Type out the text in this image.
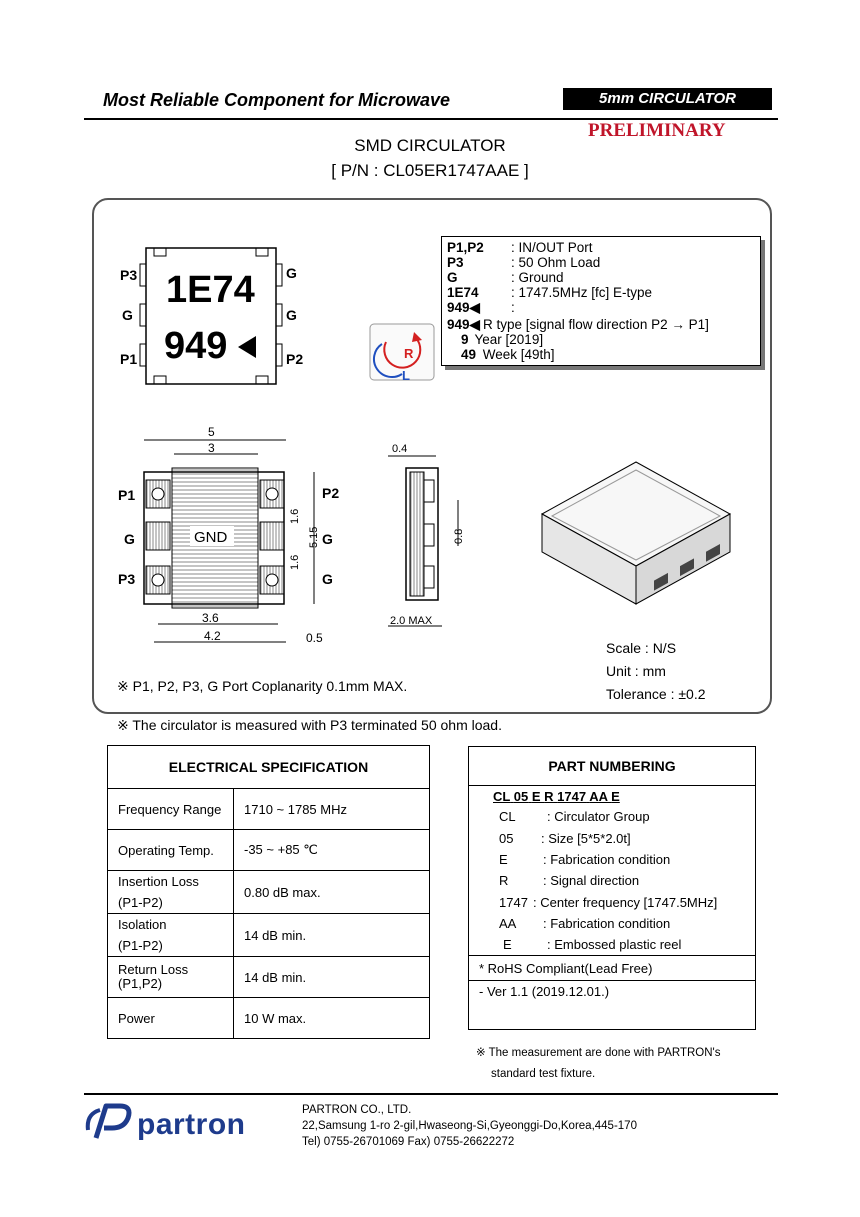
Most Reliable Component for Microwave	5mm CIRCULATOR
PRELIMINARY
SMD CIRCULATOR
[ P/N : CL05ER1747AAE ]
1E74
949
P3
G
P1
G
G
P2	R
L
P1,P2 : IN/OUT Port
P3	: 50 Ohm Load
G	: Ground
1E74 : 1747.5MHz [fc] E-type
949◀ :
949◀ R type [signal flow direction P2 → P1]
9 Year [2019]
49 Week [49th]
5
3
GND
P1
G
P3
P2
G
G
1.6
5.15
1.6
3.6
4.2	0.5
0.4
0.8
2.0 MAX
※ P1, P2, P3, G Port Coplanarity 0.1mm MAX.
Scale : N/S
Unit : mm
Tolerance : ±0.2
※ The circulator is measured with P3 terminated 50 ohm load.
ELECTRICAL SPECIFICATION	
Frequency Range	1710 ~ 1785 MHz
Operating Temp.	-35 ~ +85 ℃

Insertion Loss
(P1-P2)	0.80 dB max.

Isolation
(P1-P2)	14 dB min.

Return Loss
(P1,P2)	14 dB min.
Power	10 W max.
PART NUMBERING
CL 05 E R 1747 AA E
CL : Circulator Group
05 : Size [5*5*2.0t]
E	: Fabrication condition
R	: Signal direction
1747 : Center frequency [1747.5MHz]
AA : Fabrication condition
E	: Embossed plastic reel
* RoHS Compliant(Lead Free)
- Ver 1.1 (2019.12.01.)
※ The measurement are done with PARTRON's
standard test fixture.
partron	PARTRON CO., LTD.
22,Samsung 1-ro 2-gil,Hwaseong-Si,Gyeonggi-Do,Korea,445-170
Tel) 0755-26701069 Fax) 0755-26622272
